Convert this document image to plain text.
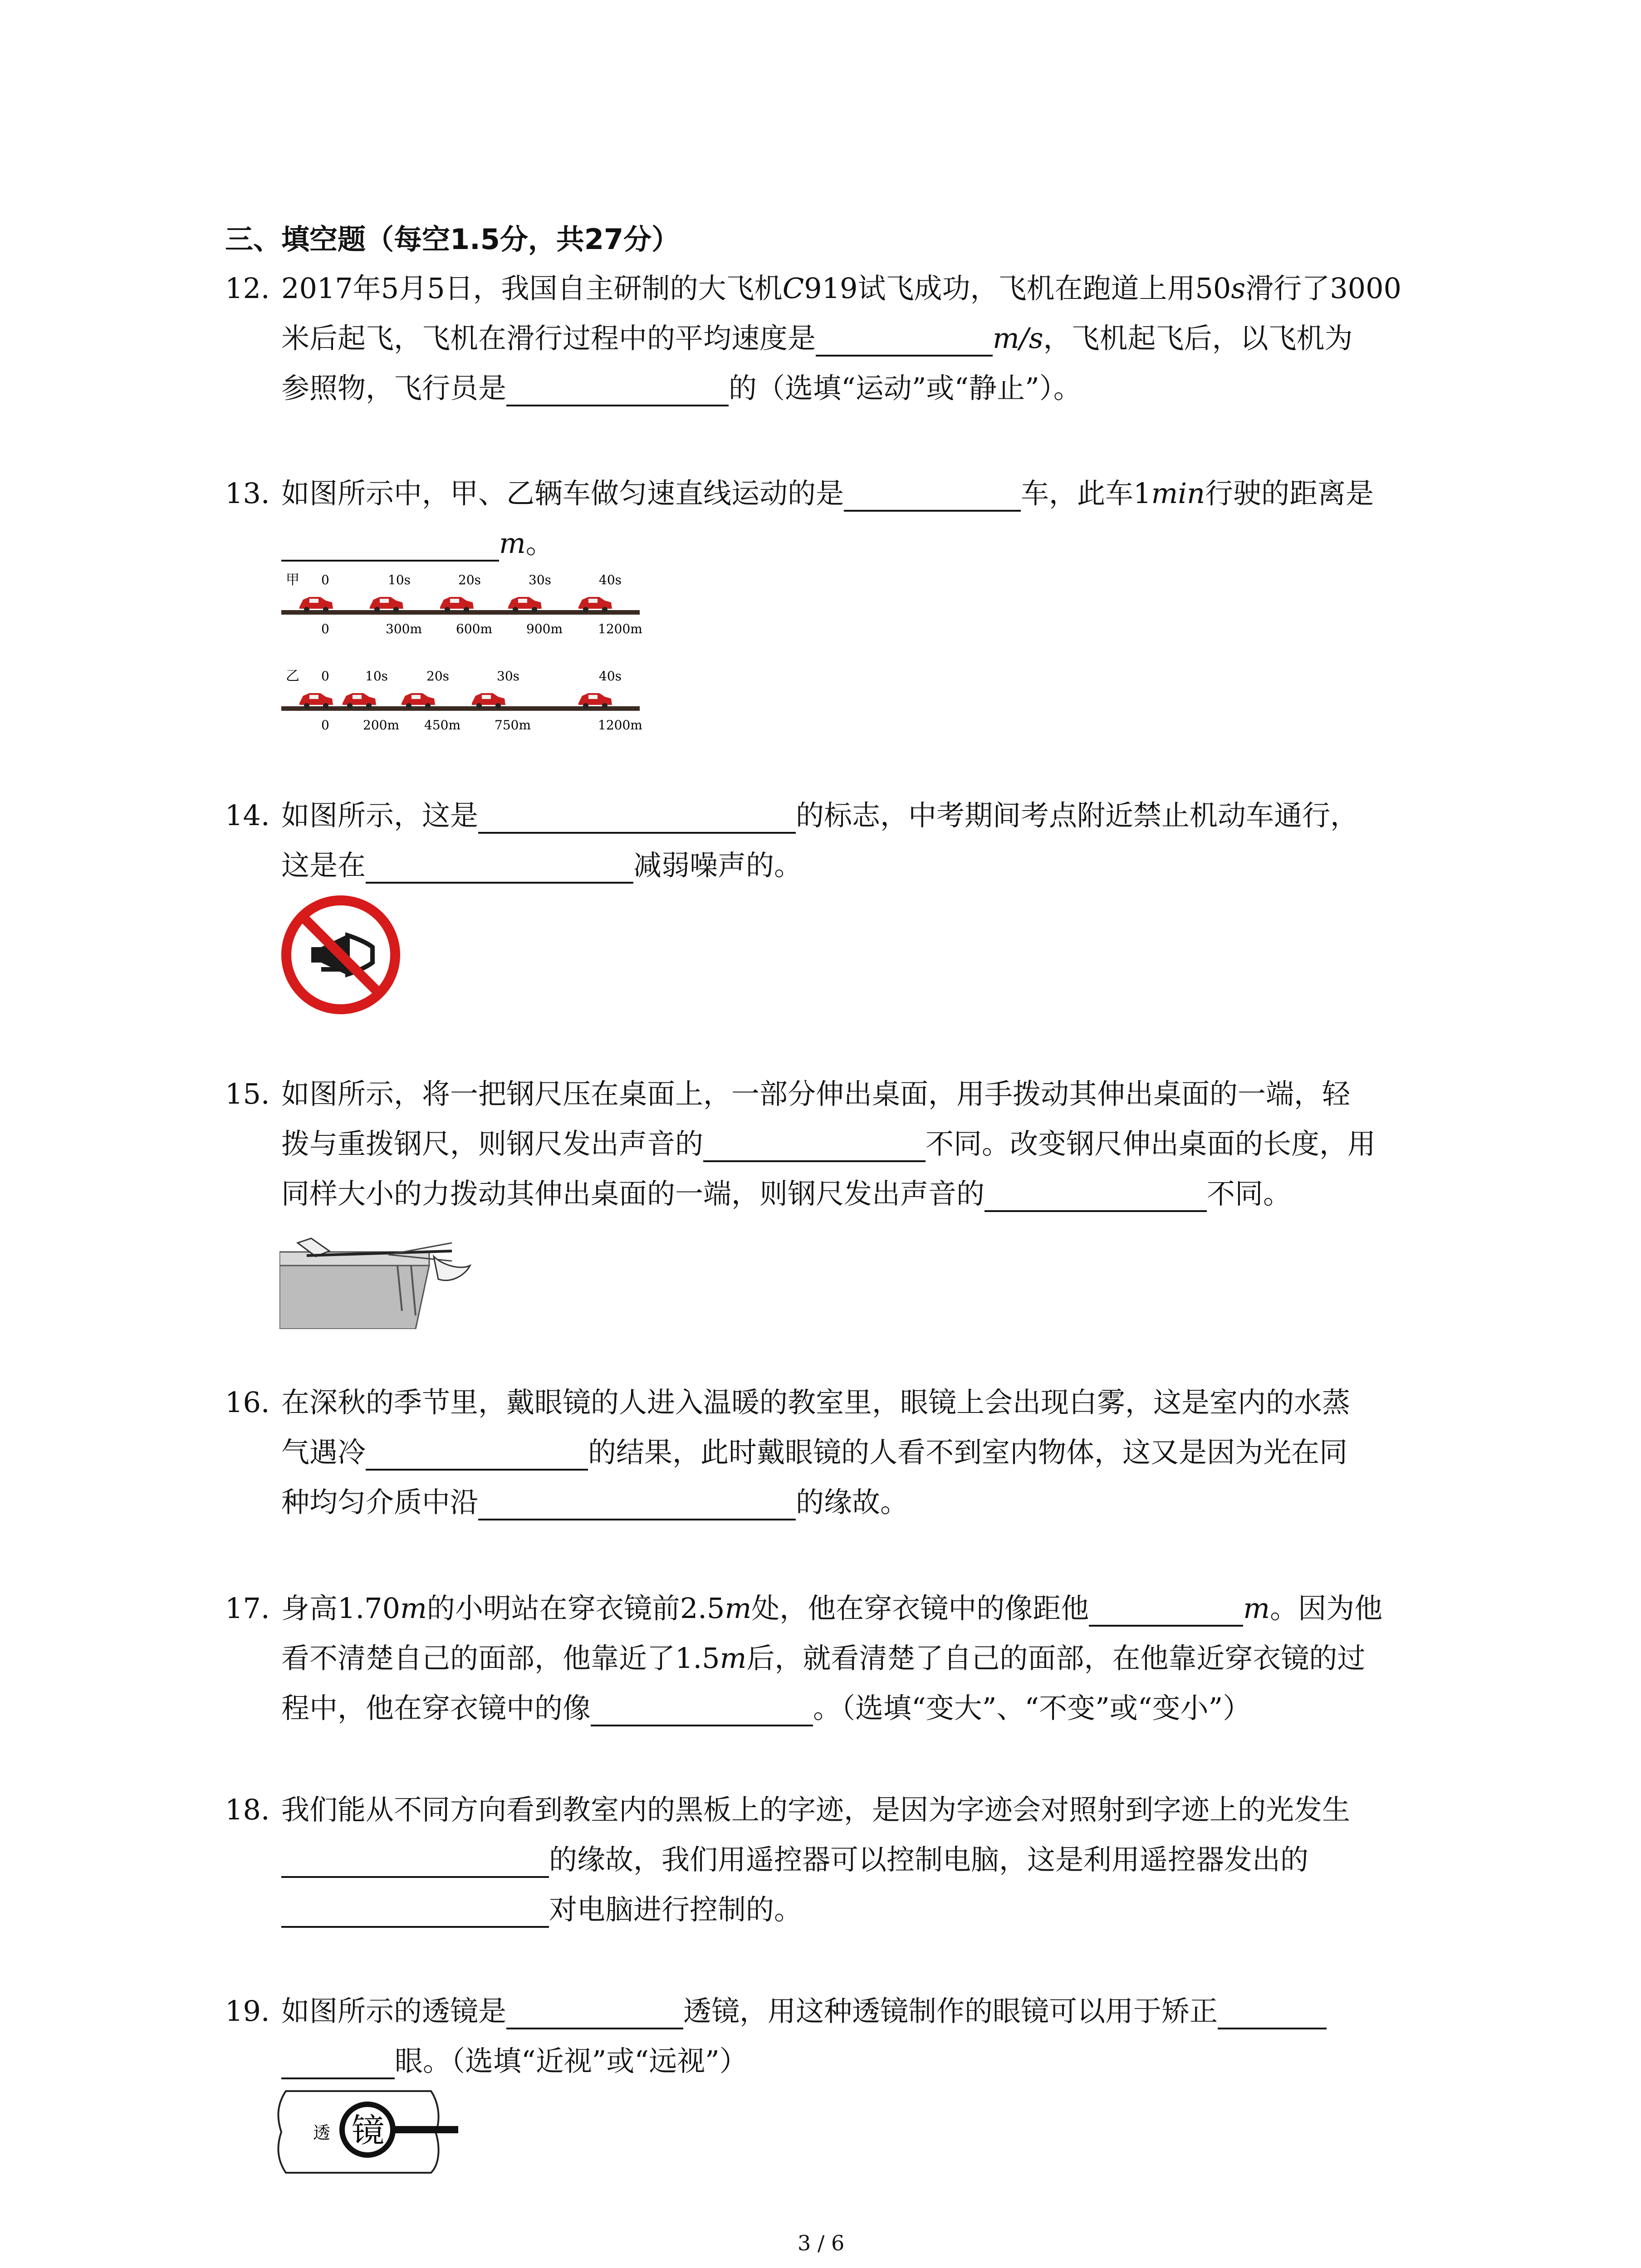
三、填空题（每空1.5分，共27分）
12. 2017年5月5日，我国自主研制的大飞机C919试飞成功，飞机在跑道上用50s滑行了3000
米后起飞，飞机在滑行过程中的平均速度是	m/s，飞机起飞后，以飞机为
参照物，飞行员是	的（选填“运动”或“静止”）。
13. 如图所示中，甲、乙辆车做匀速直线运动的是	车，此车1min行驶的距离是
m。
甲 0	10s	20s	30s	40s
0	300m	600m	900m	1200m
乙 0	10s	20s	30s	40s
0	200m 450m	750m	1200m
14. 如图所示，这是	的标志，中考期间考点附近禁止机动车通行，
这是在	减弱噪声的。
15. 如图所示，将一把钢尺压在桌面上，一部分伸出桌面，用手拨动其伸出桌面的一端，轻
拨与重拨钢尺，则钢尺发出声音的	不同。改变钢尺伸出桌面的长度，用
同样大小的力拨动其伸出桌面的一端，则钢尺发出声音的	不同。
16. 在深秋的季节里，戴眼镜的人进入温暖的教室里，眼镜上会出现白雾，这是室内的水蒸
气遇冷	的结果，此时戴眼镜的人看不到室内物体，这又是因为光在同
种均匀介质中沿	的缘故。
17. 身高1.70m的小明站在穿衣镜前2.5m处，他在穿衣镜中的像距他	m。因为他
看不清楚自己的面部，他靠近了1.5m后，就看清楚了自己的面部，在他靠近穿衣镜的过
程中，他在穿衣镜中的像	。（选填“变大”、“不变”或“变小”）
18. 我们能从不同方向看到教室内的黑板上的字迹，是因为字迹会对照射到字迹上的光发生
的缘故，我们用遥控器可以控制电脑，这是利用遥控器发出的
对电脑进行控制的。
19. 如图所示的透镜是	透镜，用这种透镜制作的眼镜可以用于矫正
眼。（选填“近视”或“远视”）
透 镜
3 / 6
